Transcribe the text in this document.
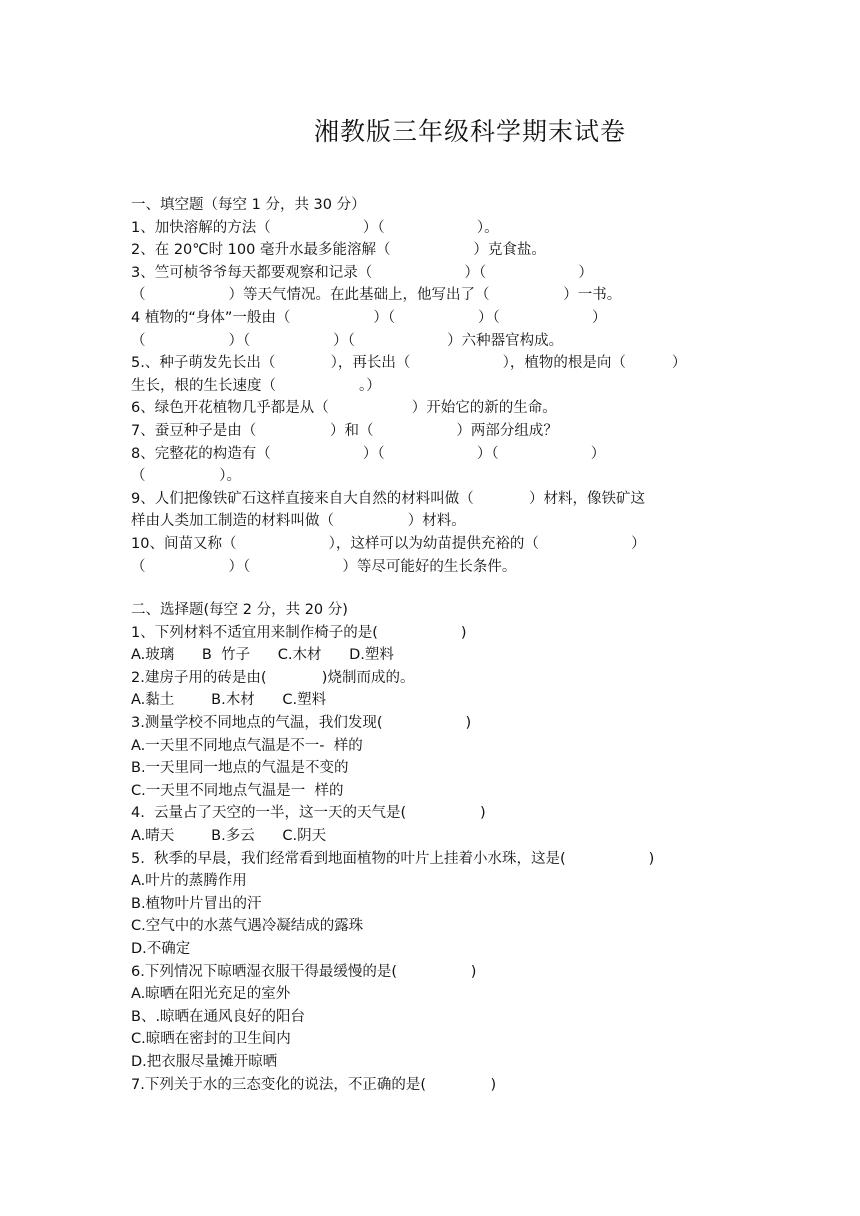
湘教版三年级科学期末试卷
一、填空题（每空 1 分，共 30 分）
1、加快溶解的方法（                    ）（                    ）。
2、在 20℃时 100 毫升水最多能溶解（                  ）克食盐。
3、竺可桢爷爷每天都要观察和记录（                    ）（                    ）
（                  ）等天气情况。在此基础上，他写出了（                ）一书。
4 植物的“身体”一般由（                  ）（                  ）（                    ）
（                  ）（                  ）（                    ）六种器官构成。
5.、种子萌发先长出（            ），再长出（                    ），植物的根是向（          ）
生长，根的生长速度（                  。）
6、绿色开花植物几乎都是从（                  ）开始它的新的生命。
7、蚕豆种子是由（                ）和（                  ）两部分组成？
8、完整花的构造有（                    ）（                    ）（                    ）
（                ）。
9、人们把像铁矿石这样直接来自大自然的材料叫做（            ）材料，像铁矿这
样由人类加工制造的材料叫做（                ）材料。
10、间苗又称（                    ），这样可以为幼苗提供充裕的（                    ）
（                  ）（                    ）等尽可能好的生长条件。
二、选择题(每空 2 分，共 20 分)
1、下列材料不适宜用来制作椅子的是(                  )
A.玻璃      B  竹子      C.木材      D.塑料
2.建房子用的砖是由(            )烧制而成的。
A.黏土        B.木材      C.塑料
3.测量学校不同地点的气温，我们发现(                  )
A.一天里不同地点气温是不一-  样的
B.一天里同一地点的气温是不变的
C.一天里不同地点气温是一  样的
4.  云量占了天空的一半，这一天的天气是(                )
A.晴天        B.多云      C.阴天
5.  秋季的早晨，我们经常看到地面植物的叶片上挂着小水珠，这是(                  )
A.叶片的蒸腾作用
B.植物叶片冒出的汗
C.空气中的水蒸气遇冷凝结成的露珠
D.不确定
6.下列情况下晾晒湿衣服干得最缓慢的是(                )
A.晾晒在阳光充足的室外
B、.晾晒在通风良好的阳台
C.晾晒在密封的卫生间内
D.把衣服尽量摊开晾晒
7.下列关于水的三态变化的说法，不正确的是(              )
